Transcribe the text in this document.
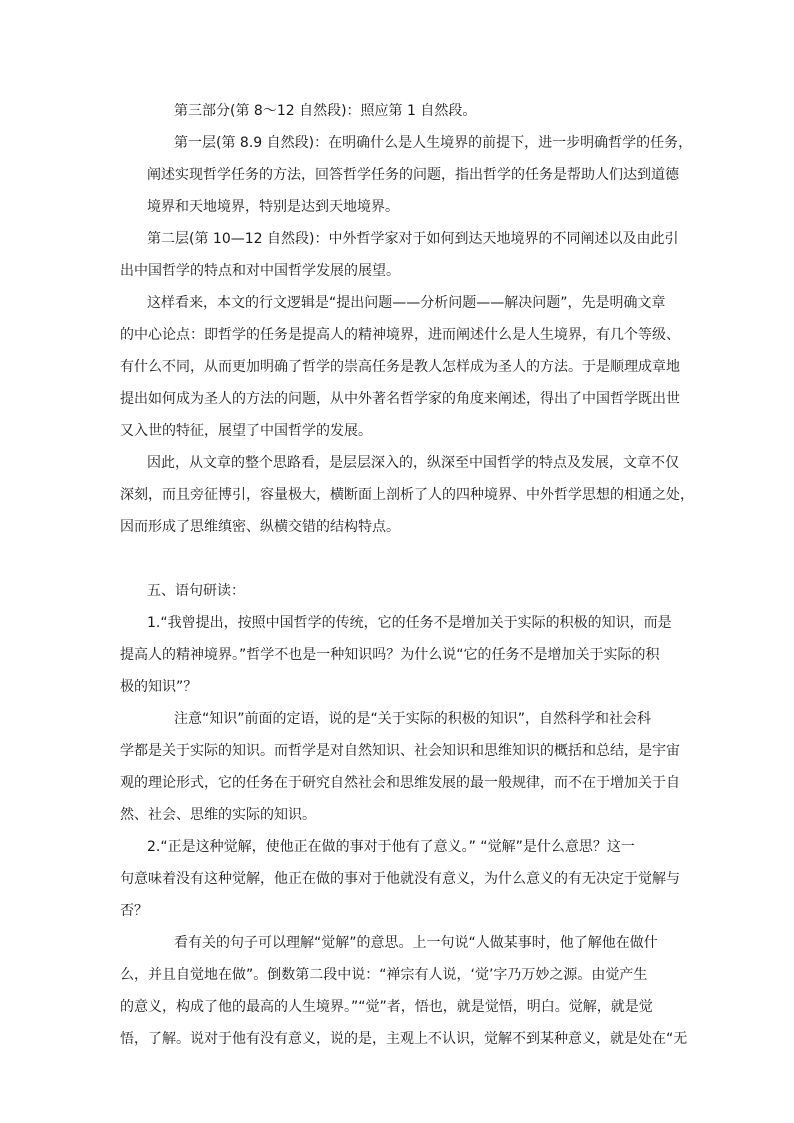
第三部分(第 8～12 自然段)：照应第 1 自然段。
第一层(第 8.9 自然段)：在明确什么是人生境界的前提下，进一步明确哲学的任务，
阐述实现哲学任务的方法，回答哲学任务的问题，指出哲学的任务是帮助人们达到道德
境界和天地境界，特别是达到天地境界。
第二层(第 10—12 自然段)：中外哲学家对于如何到达天地境界的不同阐述以及由此引
出中国哲学的特点和对中国哲学发展的展望。
这样看来，本文的行文逻辑是“提出问题——分析问题——解决问题”，先是明确文章
的中心论点：即哲学的任务是提高人的精神境界，进而阐述什么是人生境界，有几个等级、
有什么不同，从而更加明确了哲学的崇高任务是教人怎样成为圣人的方法。于是顺理成章地
提出如何成为圣人的方法的问题，从中外著名哲学家的角度来阐述，得出了中国哲学既出世
又入世的特征，展望了中国哲学的发展。
因此，从文章的整个思路看，是层层深入的，纵深至中国哲学的特点及发展，文章不仅
深刻，而且旁征博引，容量极大，横断面上剖析了人的四种境界、中外哲学思想的相通之处，
因而形成了思维缜密、纵横交错的结构特点。
五、语句研读：
1.“我曾提出，按照中国哲学的传统，它的任务不是增加关于实际的积极的知识，而是
提高人的精神境界。”哲学不也是一种知识吗？为什么说“它的任务不是增加关于实际的积
极的知识”？
注意“知识”前面的定语，说的是“关于实际的积极的知识”，自然科学和社会科
学都是关于实际的知识。而哲学是对自然知识、社会知识和思维知识的概括和总结，是宇宙
观的理论形式，它的任务在于研究自然社会和思维发展的最一般规律，而不在于增加关于自
然、社会、思维的实际的知识。
2.“正是这种觉解，使他正在做的事对于他有了意义。” “觉解”是什么意思？这一
句意味着没有这种觉解，他正在做的事对于他就没有意义，为什么意义的有无决定于觉解与
否？
看有关的句子可以理解“觉解”的意思。上一句说“人做某事时，他了解他在做什
么，并且自觉地在做”。倒数第二段中说：“禅宗有人说，‘觉’字乃万妙之源。由觉产生
的意义，构成了他的最高的人生境界。”“觉”者，悟也，就是觉悟，明白。觉解，就是觉
悟，了解。说对于他有没有意义，说的是，主观上不认识，觉解不到某种意义，就是处在“无
